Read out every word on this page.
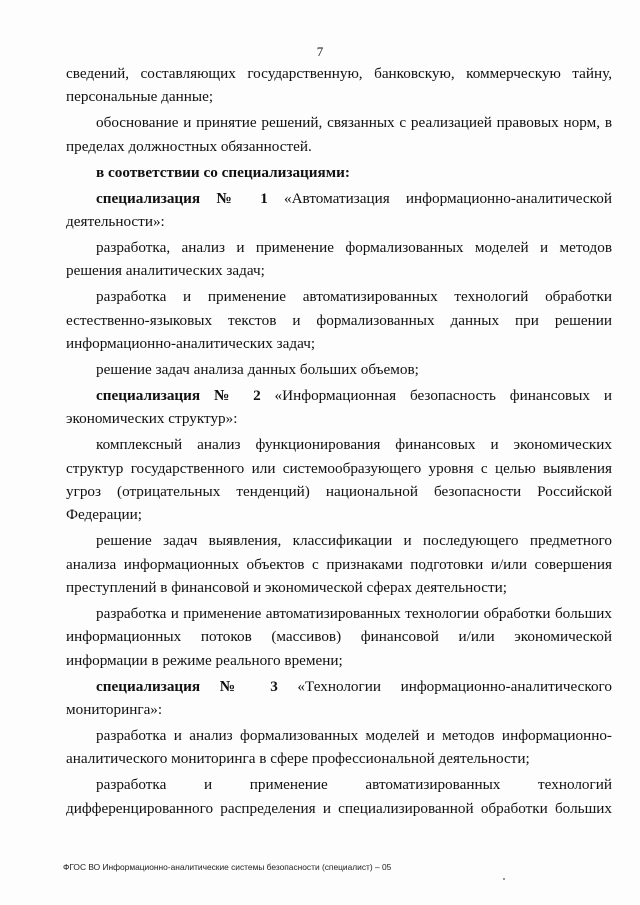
7

сведений, составляющих государственную, банковскую, коммерческую тайну, персональные данные;

обоснование и принятие решений, связанных с реализацией правовых норм, в пределах должностных обязанностей.

в соответствии со специализациями:

специализация № 1 «Автоматизация информационно-аналитической деятельности»:

разработка, анализ и применение формализованных моделей и методов решения аналитических задач;

разработка и применение автоматизированных технологий обработки естественно-языковых текстов и формализованных данных при решении информационно-аналитических задач;

решение задач анализа данных больших объемов;

специализация № 2 «Информационная безопасность финансовых и экономических структур»:

комплексный анализ функционирования финансовых и экономических структур государственного или системообразующего уровня с целью выявления угроз (отрицательных тенденций) национальной безопасности Российской Федерации;

решение задач выявления, классификации и последующего предметного анализа информационных объектов с признаками подготовки и/или совершения преступлений в финансовой и экономической сферах деятельности;

разработка и применение автоматизированных технологии обработки больших информационных потоков (массивов) финансовой и/или экономической информации в режиме реального времени;

специализация № 3 «Технологии информационно-аналитического мониторинга»:

разработка и анализ формализованных моделей и методов информационно-аналитического мониторинга в сфере профессиональной деятельности;

разработка и применение автоматизированных технологий дифференцированного распределения и специализированной обработки больших

ФГОС ВО Информационно-аналитические системы безопасности (специалист) – 05
